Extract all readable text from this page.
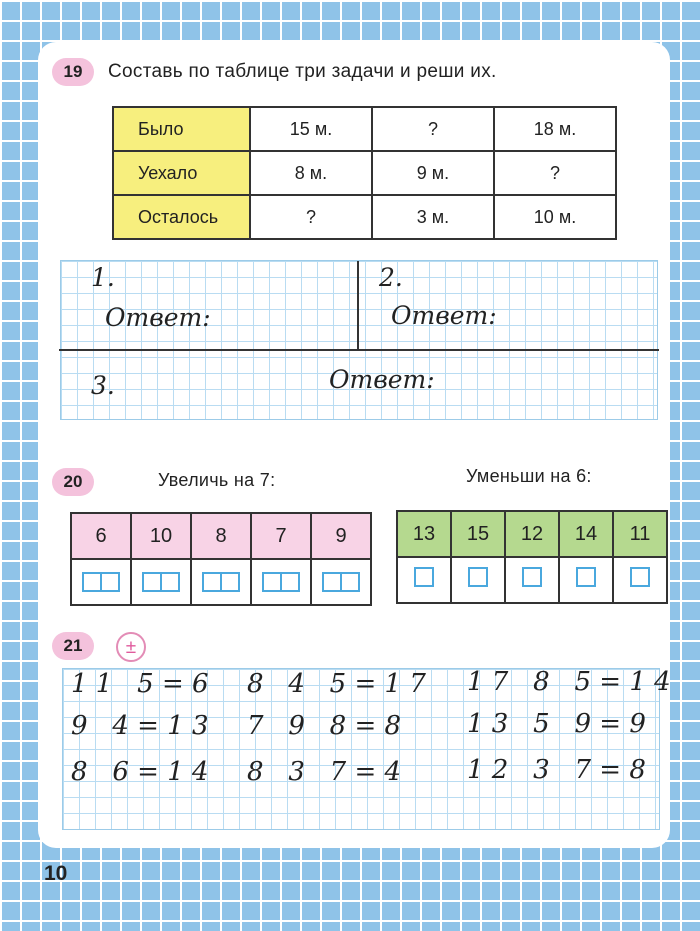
19 Составь по таблице три задачи и реши их.
Было	15 м.	?	18 м.
Уехало	8 м.	9 м.	?
Осталось	?	3 м.	10 м.
1.
Ответ:
2.
Ответ:
3.	Ответ:
20	Увеличь на 7:	Уменьши на 6:
6	10	8	7	9

		13	15	12	14	11

21 ±
1 1   5 = 6 8   4   5 = 1 7 1 7   8   5 = 1 4
9   4 = 1 3 7   9   8 = 8	1 3   5   9 = 9
8   6 = 1 4 8   3   7 = 4	1 2   3   7 = 8
10
